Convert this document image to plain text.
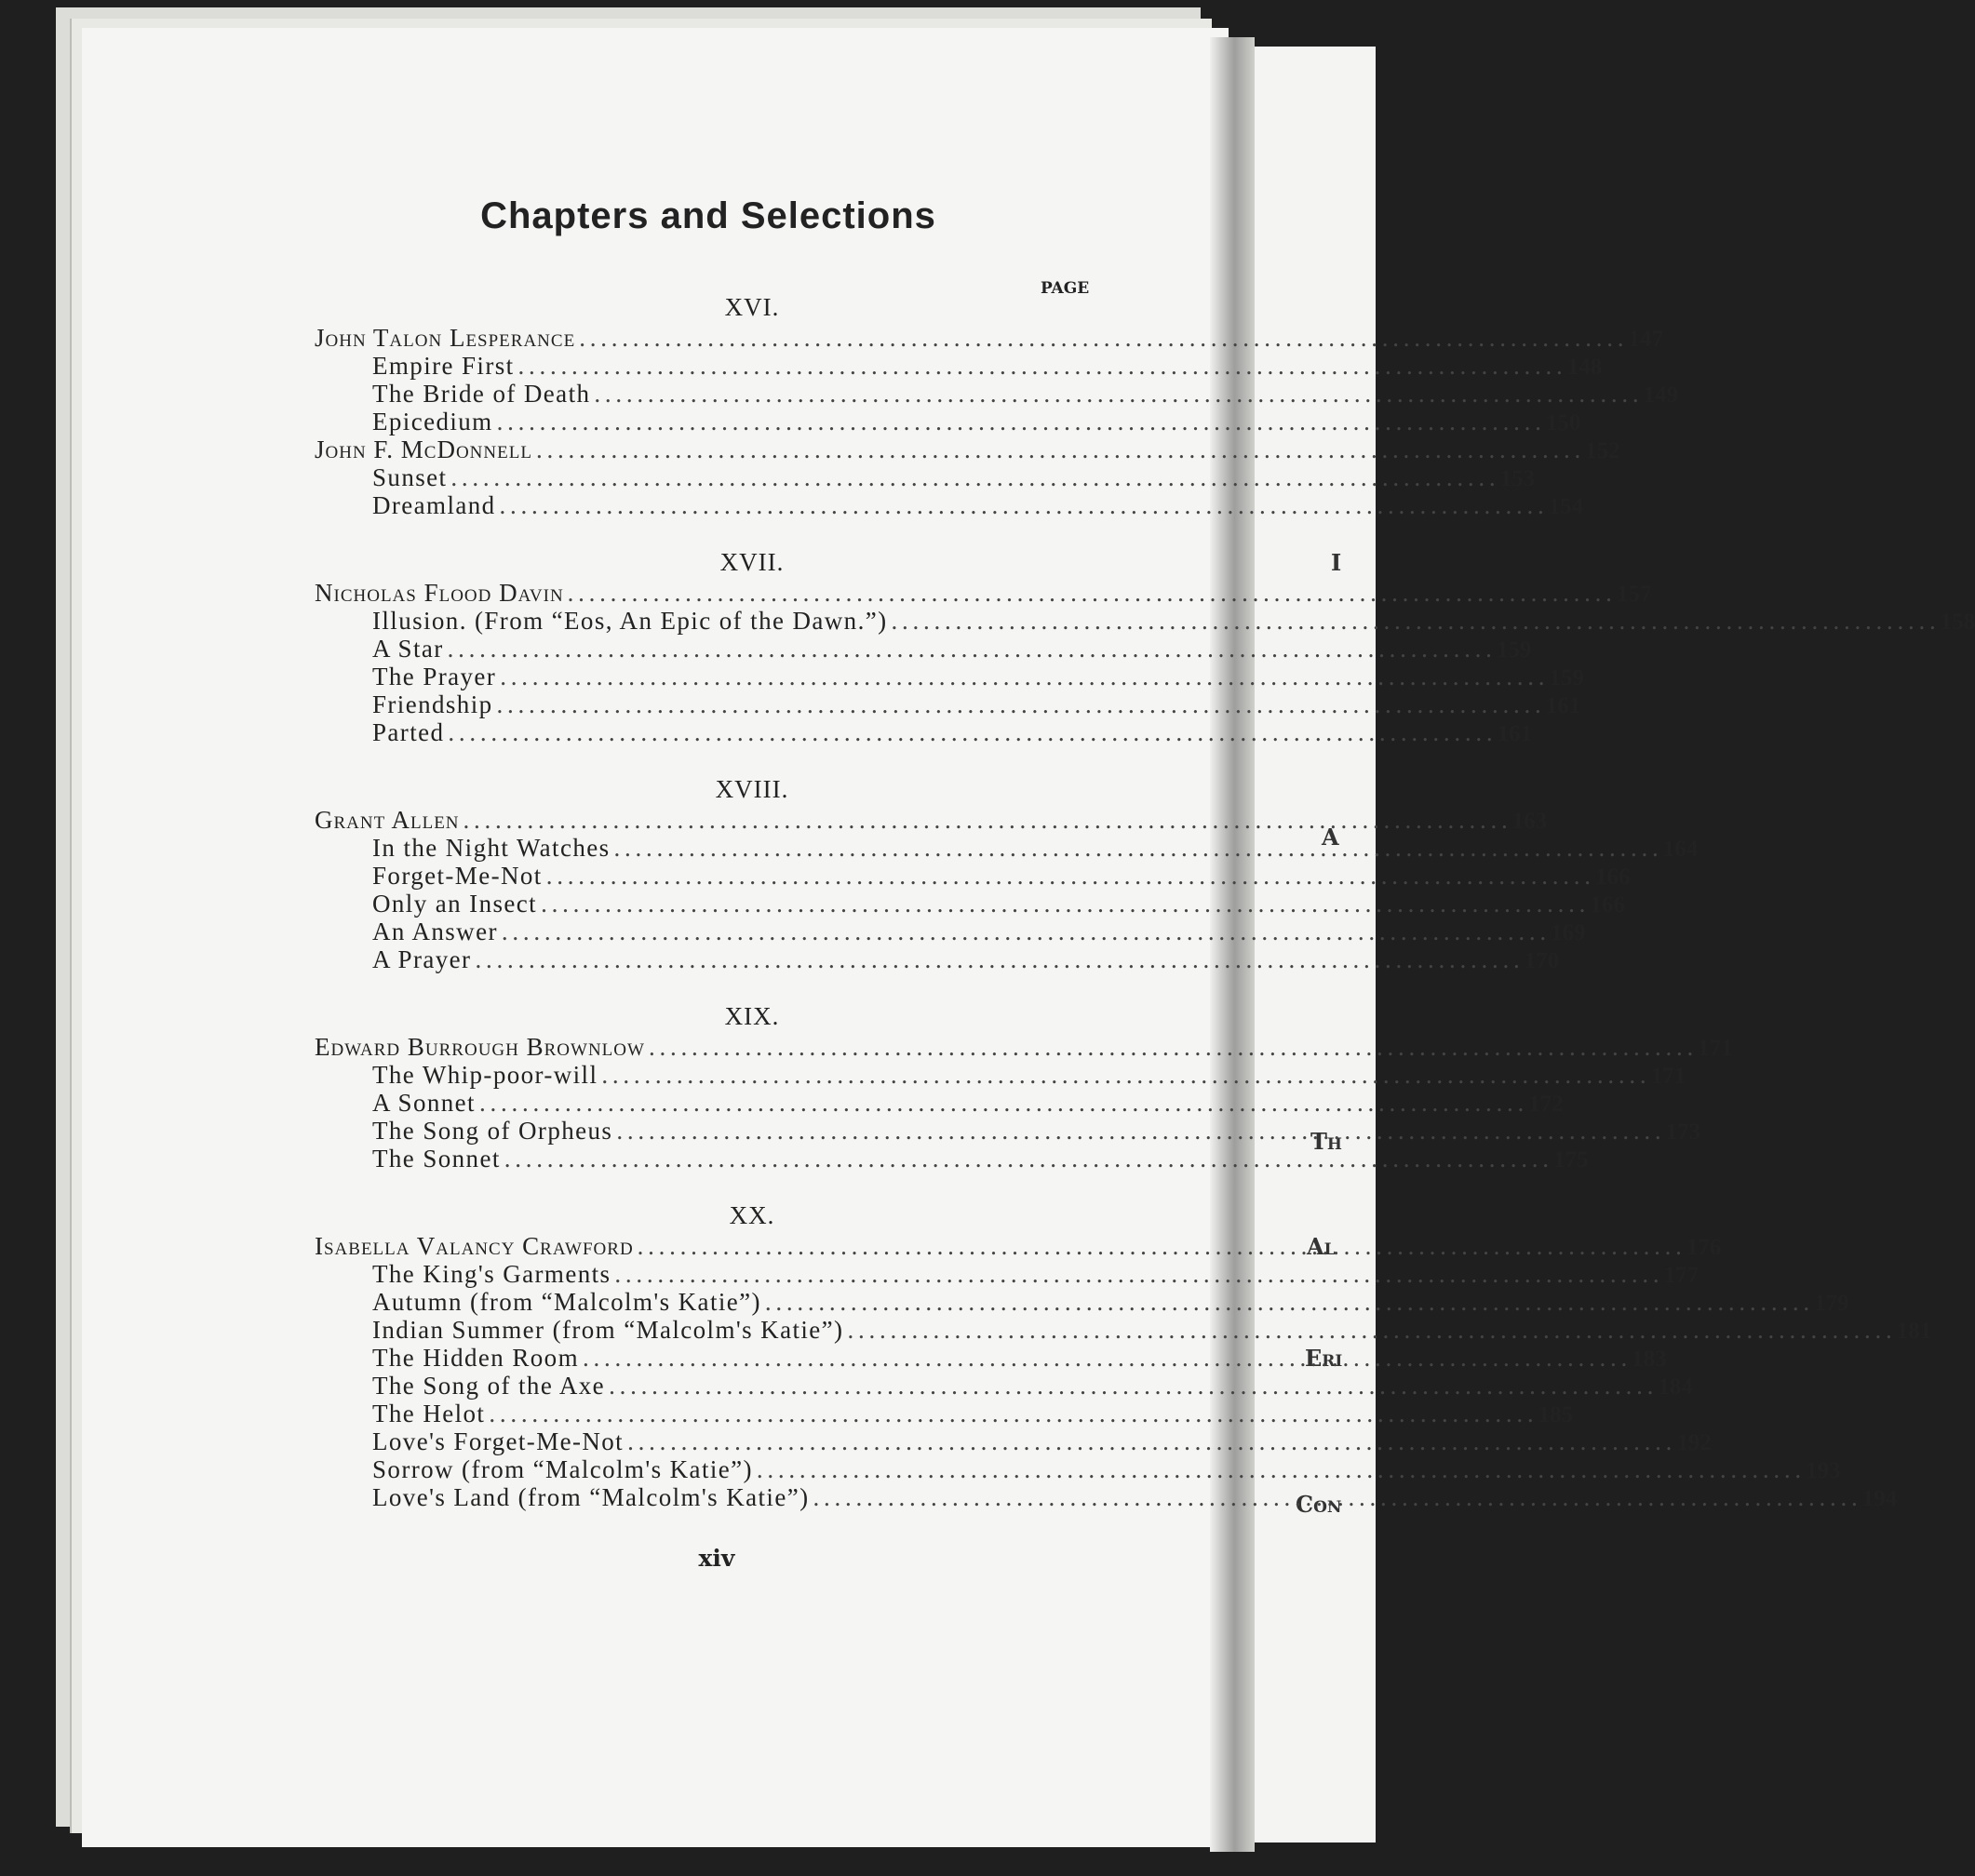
I
A
Th
Al
Eri
Con
Chapters and Selections
PAGE
XVI.
John Talon Lesperance . . .	147
Empire First . . .	148
The Bride of Death . . .	149
Epicedium . . .	150
John F. McDonnell . . .	152
Sunset . . .	153
Dreamland . . .	154
XVII.
Nicholas Flood Davin . . .	157
Illusion. (From “Eos, An Epic of the Dawn.”) . . .	158
A Star . . .	159
The Prayer . . .	159
Friendship . . .	161
Parted . . .	161
XVIII.
Grant Allen . . .	163
In the Night Watches . . .	164
Forget-Me-Not . . .	166
Only an Insect . . .	166
An Answer . . .	169
A Prayer . . .	170
XIX.
Edward Burrough Brownlow . . .	171
The Whip-poor-will . . .	171
A Sonnet . . .	172
The Song of Orpheus . . .	173
The Sonnet . . .	175
XX.
Isabella Valancy Crawford . . .	176
The King's Garments . . .	177
Autumn (from “Malcolm's Katie”) . . .	179
Indian Summer (from “Malcolm's Katie”) . . .	181
The Hidden Room . . .	183
The Song of the Axe . . .	184
The Helot . . .	185
Love's Forget-Me-Not . . .	192
Sorrow (from “Malcolm's Katie”) . . .	193
Love's Land (from “Malcolm's Katie”) . . .	194
xiv
